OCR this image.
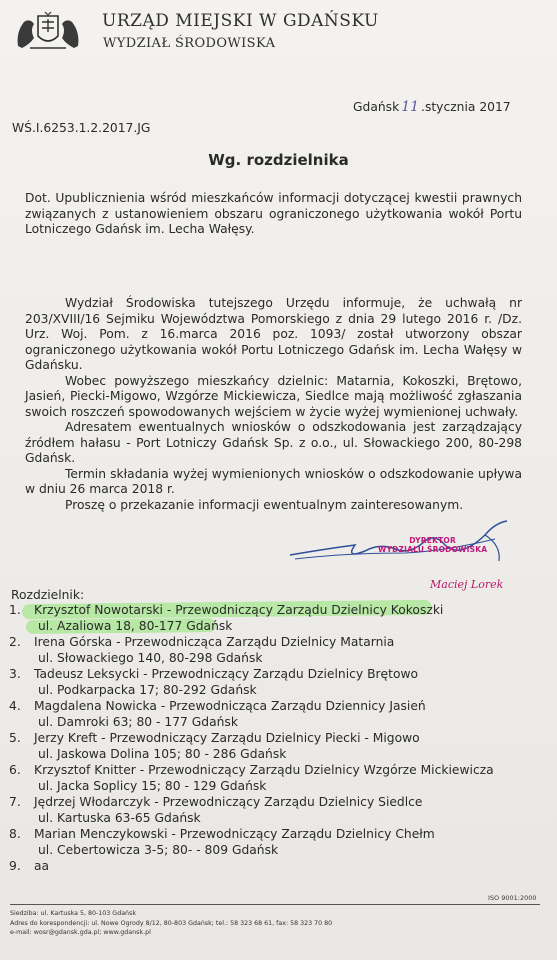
URZĄD MIEJSKI W GDAŃSKU
WYDZIAŁ ŚRODOWISKA
Gdańsk 11 .stycznia 2017
WŚ.I.6253.1.2.2017.JG
Wg. rozdzielnika
Dot. Upublicznienia wśród mieszkańców informacji dotyczącej kwestii prawnych związanych z ustanowieniem obszaru ograniczonego użytkowania wokół Portu Lotniczego Gdańsk im. Lecha Wałęsy.

Wydział Środowiska tutejszego Urzędu informuje, że uchwałą nr 203/XVIII/16 Sejmiku Województwa Pomorskiego z dnia 29 lutego 2016 r. /Dz. Urz. Woj. Pom. z 16.marca 2016 poz. 1093/ został utworzony obszar ograniczonego użytkowania wokół Portu Lotniczego Gdańsk im. Lecha Wałęsy w Gdańsku.

Wobec powyższego mieszkańcy dzielnic: Matarnia, Kokoszki, Brętowo, Jasień, Piecki-Migowo, Wzgórze Mickiewicza, Siedlce mają możliwość zgłaszania swoich roszczeń spowodowanych wejściem w życie wyżej wymienionej uchwały.

Adresatem ewentualnych wniosków o odszkodowania jest zarządzający źródłem hałasu - Port Lotniczy Gdańsk Sp. z o.o., ul. Słowackiego 200, 80-298 Gdańsk.

Termin składania wyżej wymienionych wniosków o odszkodowanie upływa w dniu 26 marca 2018 r.

Proszę o przekazanie informacji ewentualnym zainteresowanym.

DYREKTOR
WYDZIAŁU ŚRODOWISKA
Maciej Lorek
Rozdzielnik:
1.	Krzysztof Nowotarski - Przewodniczący Zarządu Dzielnicy Kokoszki
ul. Azaliowa 18, 80-177 Gdańsk
2.	Irena Górska - Przewodnicząca Zarządu Dzielnicy Matarnia
ul. Słowackiego 140, 80-298 Gdańsk
3.	Tadeusz Leksycki - Przewodniczący Zarządu Dzielnicy Brętowo
ul. Podkarpacka 17; 80-292 Gdańsk
4.	Magdalena Nowicka - Przewodnicząca Zarządu Dziennicy Jasień
ul. Damroki 63; 80 - 177 Gdańsk
5.	Jerzy Kreft - Przewodniczący Zarządu Dzielnicy Piecki - Migowo
ul. Jaskowa Dolina 105; 80 - 286 Gdańsk
6.	Krzysztof Knitter - Przewodniczący Zarządu Dzielnicy Wzgórze Mickiewicza
ul. Jacka Soplicy 15; 80 - 129 Gdańsk
7.	Jędrzej Włodarczyk - Przewodniczący Zarządu Dzielnicy Siedlce
ul. Kartuska 63-65 Gdańsk
8.	Marian Menczykowski - Przewodniczący Zarządu Dzielnicy Chełm
ul. Cebertowicza 3-5; 80- - 809 Gdańsk
9.	aa
ISO 9001:2000
Siedziba: ul. Kartuska 5, 80-103 Gdańsk
Adres do korespondencji: ul. Nowe Ogrody 8/12, 80-803 Gdańsk; tel.: 58 323 68 61, fax: 58 323 70 80
e-mail: wosr@gdansk.gda.pl; www.gdansk.pl
